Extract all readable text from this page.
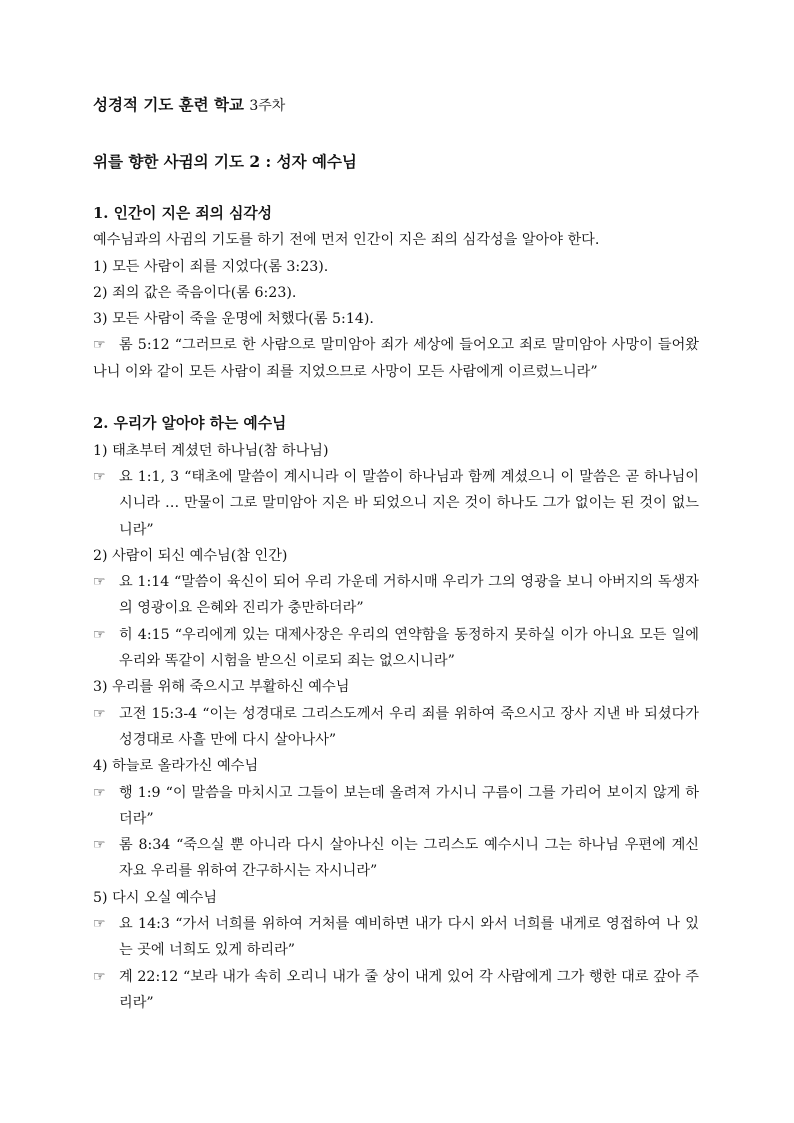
성경적 기도 훈련 학교 3주차
위를 향한 사귐의 기도 2 : 성자 예수님
1. 인간이 지은 죄의 심각성
예수님과의 사귐의 기도를 하기 전에 먼저 인간이 지은 죄의 심각성을 알아야 한다.
1) 모든 사람이 죄를 지었다(롬 3:23).
2) 죄의 값은 죽음이다(롬 6:23).
3) 모든 사람이 죽을 운명에 처했다(롬 5:14).
☞ 롬 5:12 “그러므로 한 사람으로 말미암아 죄가 세상에 들어오고 죄로 말미암아 사망이 들어왔나니 이와 같이 모든 사람이 죄를 지었으므로 사망이 모든 사람에게 이르렀느니라”
2. 우리가 알아야 하는 예수님
1) 태초부터 계셨던 하나님(참 하나님)
☞ 요 1:1, 3 “태초에 말씀이 계시니라 이 말씀이 하나님과 함께 계셨으니 이 말씀은 곧 하나님이시니라 … 만물이 그로 말미암아 지은 바 되었으니 지은 것이 하나도 그가 없이는 된 것이 없느니라”
2) 사람이 되신 예수님(참 인간)
☞ 요 1:14 “말씀이 육신이 되어 우리 가운데 거하시매 우리가 그의 영광을 보니 아버지의 독생자의 영광이요 은혜와 진리가 충만하더라”
☞ 히 4:15 “우리에게 있는 대제사장은 우리의 연약함을 동정하지 못하실 이가 아니요 모든 일에 우리와 똑같이 시험을 받으신 이로되 죄는 없으시니라”
3) 우리를 위해 죽으시고 부활하신 예수님
☞ 고전 15:3-4 “이는 성경대로 그리스도께서 우리 죄를 위하여 죽으시고 장사 지낸 바 되셨다가 성경대로 사흘 만에 다시 살아나사”
4) 하늘로 올라가신 예수님
☞ 행 1:9 “이 말씀을 마치시고 그들이 보는데 올려져 가시니 구름이 그를 가리어 보이지 않게 하더라”
☞ 롬 8:34 “죽으실 뿐 아니라 다시 살아나신 이는 그리스도 예수시니 그는 하나님 우편에 계신 자요 우리를 위하여 간구하시는 자시니라”
5) 다시 오실 예수님
☞ 요 14:3 “가서 너희를 위하여 거처를 예비하면 내가 다시 와서 너희를 내게로 영접하여 나 있는 곳에 너희도 있게 하리라”
☞ 계 22:12 “보라 내가 속히 오리니 내가 줄 상이 내게 있어 각 사람에게 그가 행한 대로 갚아 주리라”
